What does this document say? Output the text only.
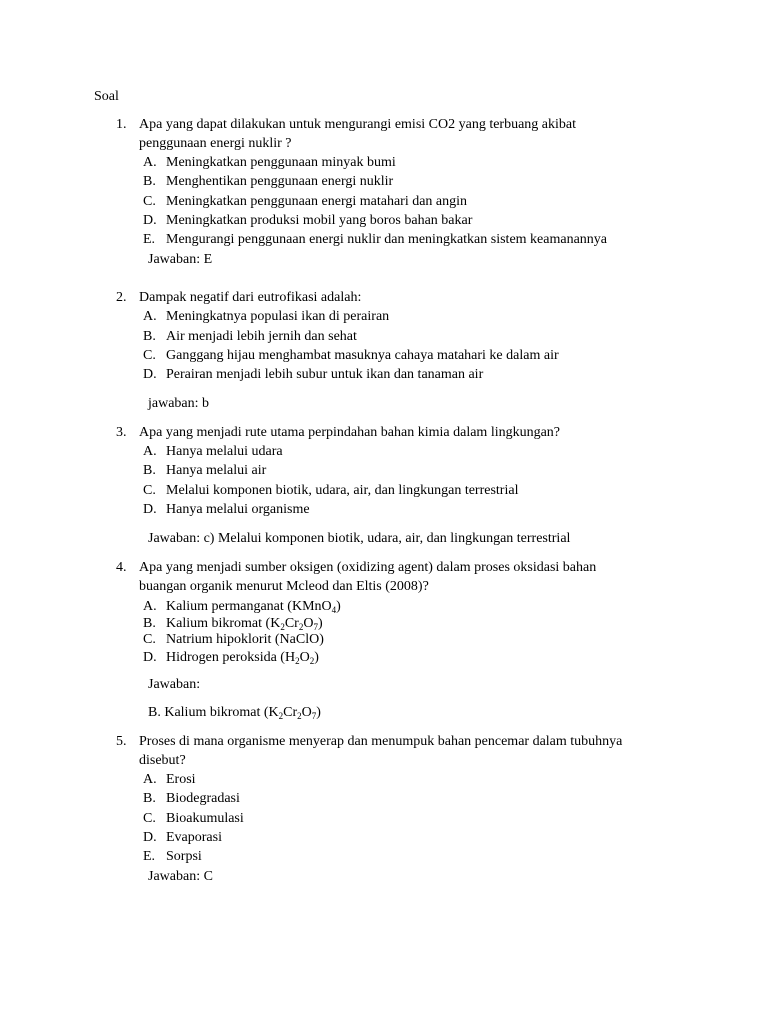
Soal

1. Apa yang dapat dilakukan untuk mengurangi emisi CO2 yang terbuang akibat

penggunaan energi nuklir ?

A. Meningkatkan penggunaan minyak bumi

B. Menghentikan penggunaan energi nuklir

C. Meningkatkan penggunaan energi matahari dan angin

D. Meningkatkan produksi mobil yang boros bahan bakar

E. Mengurangi penggunaan energi nuklir dan meningkatkan sistem keamanannya

Jawaban: E

2. Dampak negatif dari eutrofikasi adalah:

A. Meningkatnya populasi ikan di perairan

B. Air menjadi lebih jernih dan sehat

C. Ganggang hijau menghambat masuknya cahaya matahari ke dalam air

D. Perairan menjadi lebih subur untuk ikan dan tanaman air

jawaban: b

3. Apa yang menjadi rute utama perpindahan bahan kimia dalam lingkungan?

A. Hanya melalui udara

B. Hanya melalui air

C. Melalui komponen biotik, udara, air, dan lingkungan terrestrial

D. Hanya melalui organisme

Jawaban: c) Melalui komponen biotik, udara, air, dan lingkungan terrestrial

4. Apa yang menjadi sumber oksigen (oxidizing agent) dalam proses oksidasi bahan

buangan organik menurut Mcleod dan Eltis (2008)?

A. Kalium permanganat (KMnO$_4$)

B. Kalium bikromat $(K_2Cr_2O_7)$

C. Natrium hipoklorit (NaClO)

D. Hidrogen peroksida $(H_2O_2)$

Jawaban:

B. Kalium bikromat $(K_2Cr_2O_7)$

5. Proses di mana organisme menyerap dan menumpuk bahan pencemar dalam tubuhnya

disebut?

A. Erosi

B. Biodegradasi

C. Bioakumulasi

D. Evaporasi

E. Sorpsi

Jawaban: C
